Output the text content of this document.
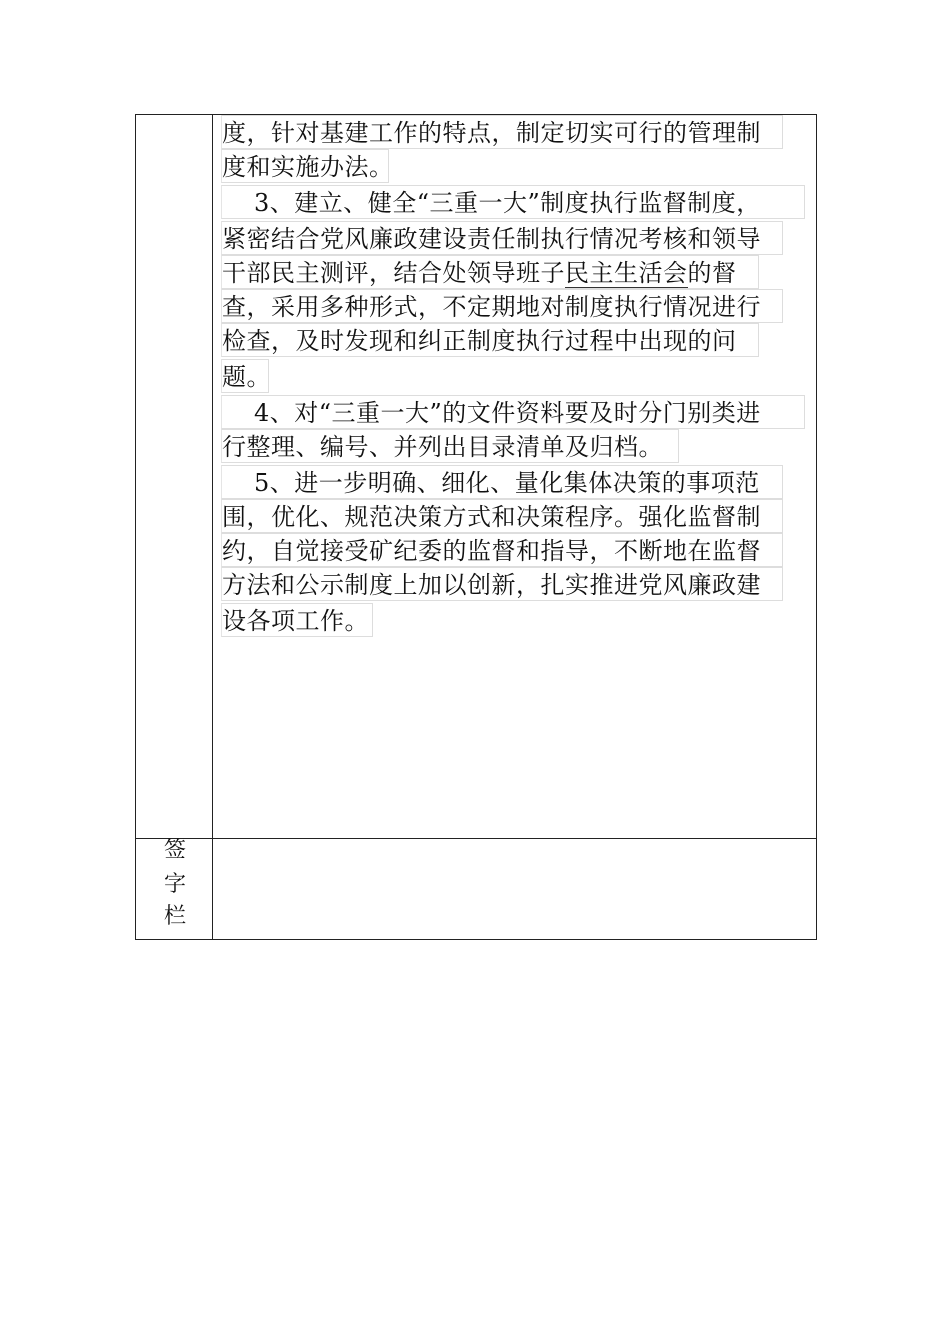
度，针对基建工作的特点，制定切实可行的管理制
度和实施办法。
3、建立、健全“三重一大”制度执行监督制度，
紧密结合党风廉政建设责任制执行情况考核和领导
干部民主测评，结合处领导班子民主生活会的督
查，采用多种形式，不定期地对制度执行情况进行
检查，及时发现和纠正制度执行过程中出现的问
题。
4、对“三重一大”的文件资料要及时分门别类进
行整理、编号、并列出目录清单及归档。
5、进一步明确、细化、量化集体决策的事项范
围，优化、规范决策方式和决策程序。强化监督制
约，自觉接受矿纪委的监督和指导，不断地在监督
方法和公示制度上加以创新，扎实推进党风廉政建
设各项工作。
签
字
栏
